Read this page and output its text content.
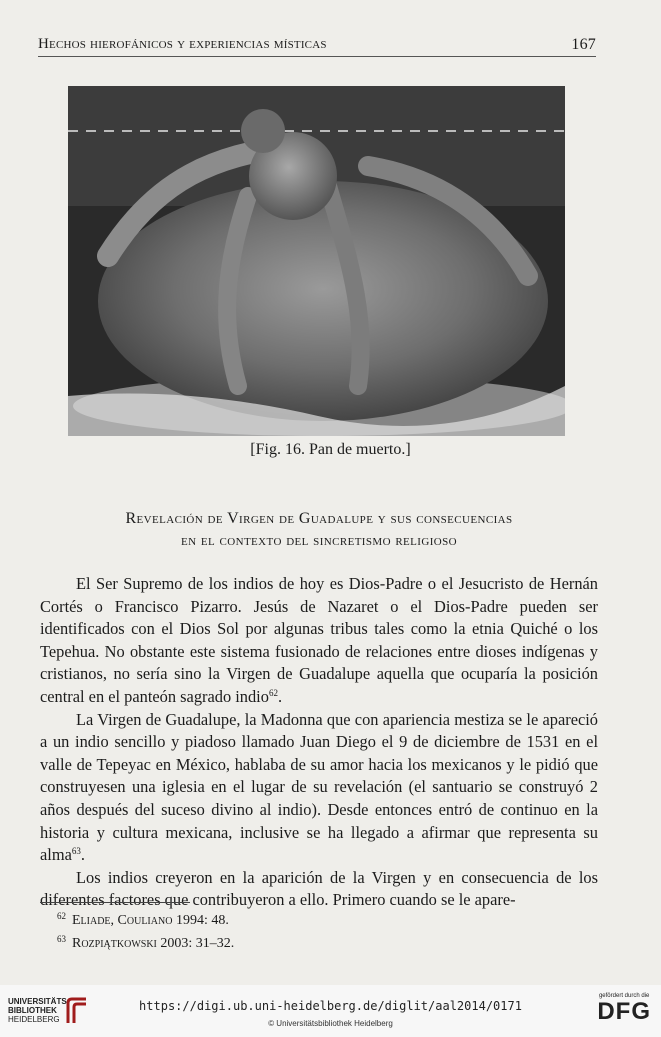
Hechos hierofánicos y experiencias místicas	167
[Fig. 16. Pan de muerto.]
Revelación de Virgen de Guadalupe y sus consecuencias
en el contexto del sincretismo religioso

El Ser Supremo de los indios de hoy es Dios-Padre o el Jesucristo de Hernán Cortés o Francisco Pizarro. Jesús de Nazaret o el Dios-Padre pueden ser identificados con el Dios Sol por algunas tribus tales como la etnia Quiché o los Tepehua. No obstante este sistema fusionado de relaciones entre dioses indígenas y cristianos, no sería sino la Virgen de Guadalupe aquella que ocuparía la posición central en el panteón sagrado indio$^{62}$.

La Virgen de Guadalupe, la Madonna que con apariencia mestiza se le apareció a un indio sencillo y piadoso llamado Juan Diego el 9 de diciembre de 1531 en el valle de Tepeyac en México, hablaba de su amor hacia los mexicanos y le pidió que construyesen una iglesia en el lugar de su revelación (el santuario se construyó 2 años después del suceso divino al indio). Desde entonces entró de continuo en la historia y cultura mexicana, inclusive se ha llegado a afirmar que representa su alma$^{63}$.

Los indios creyeron en la aparición de la Virgen y en consecuencia de los diferentes factores que contribuyeron a ello. Primero cuando se le apare-

$^{62}$ Eliade, Couliano 1994: 48.
$^{63}$ Rozpiątkowski 2003: 31–32.
UNIVERSITÄTS-
BIBLIOTHEK
HEIDELBERG
https://digi.ub.uni-heidelberg.de/diglit/aal2014/0171
© Universitätsbibliothek Heidelberg
gefördert durch die
DFG
